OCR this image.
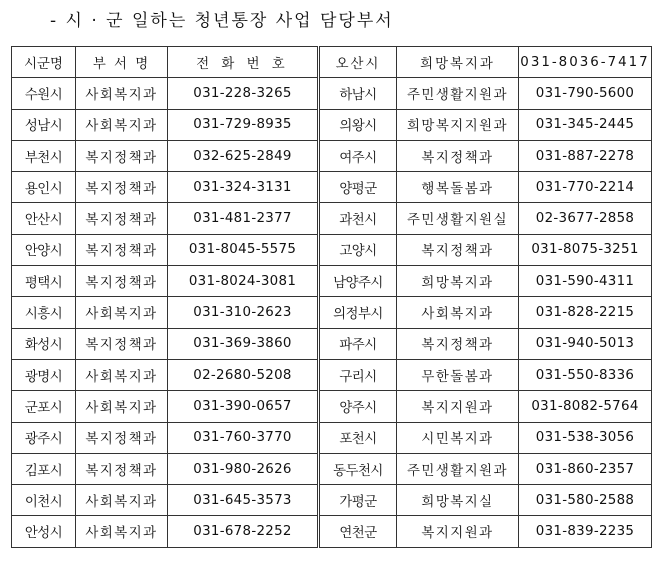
- 시 · 군 일하는 청년통장 사업 담당부서
시군명	부 서 명	전 화 번 호	오산시	희망복지과	031-8036-7417
수원시	사회복지과	031-228-3265	하남시	주민생활지원과	031-790-5600
성남시	사회복지과	031-729-8935	의왕시	희망복지지원과	031-345-2445
부천시	복지정책과	032-625-2849	여주시	복지정책과	031-887-2278
용인시	복지정책과	031-324-3131	양평군	행복돌봄과	031-770-2214
안산시	복지정책과	031-481-2377	과천시	주민생활지원실	02-3677-2858
안양시	복지정책과	031-8045-5575	고양시	복지정책과	031-8075-3251
평택시	복지정책과	031-8024-3081	남양주시	희망복지과	031-590-4311
시흥시	사회복지과	031-310-2623	의정부시	사회복지과	031-828-2215
화성시	복지정책과	031-369-3860	파주시	복지정책과	031-940-5013
광명시	사회복지과	02-2680-5208	구리시	무한돌봄과	031-550-8336
군포시	사회복지과	031-390-0657	양주시	복지지원과	031-8082-5764
광주시	복지정책과	031-760-3770	포천시	시민복지과	031-538-3056
김포시	복지정책과	031-980-2626	동두천시	주민생활지원과	031-860-2357
이천시	사회복지과	031-645-3573	가평군	희망복지실	031-580-2588
안성시	사회복지과	031-678-2252	연천군	복지지원과	031-839-2235
